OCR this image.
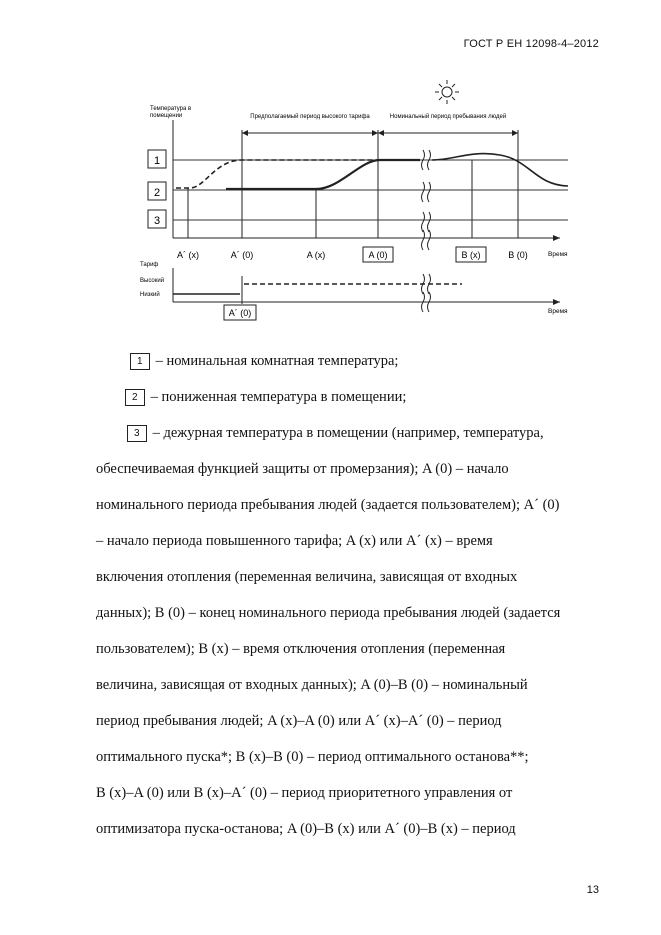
ГОСТ Р ЕН 12098-4–2012
Температура в помещении	Предполагаемый период высокого тарифа	Номинальный период пребывания людей
1
2
3
Время
A´ (x)	A´ (0)	A (x)	A (0)	B (x)	B (0)
Тариф
Высокий
Низкий
Время
A´ (0)
1 – номинальная комнатная температура;
2 – пониженная температура в помещении;
3 – дежурная температура в помещении (например, температура,
обеспечиваемая функцией защиты от промерзания); A (0) – начало
номинального периода пребывания людей (задается пользователем); A´ (0)
– начало периода повышенного тарифа; A (x) или A´ (x) – время
включения отопления (переменная величина, зависящая от входных
данных); B (0) – конец номинального периода пребывания людей (задается
пользователем); B (x) – время отключения отопления (переменная
величина, зависящая от входных данных); A (0)–B (0) – номинальный
период пребывания людей; A (x)–A (0) или A´ (x)–A´ (0) – период
оптимального пуска*; B (x)–B (0) – период оптимального останова**;
B (x)–A (0) или B (x)–A´ (0) – период приоритетного управления от
оптимизатора пуска-останова; A (0)–B (x) или A´ (0)–B (x) – период
13
